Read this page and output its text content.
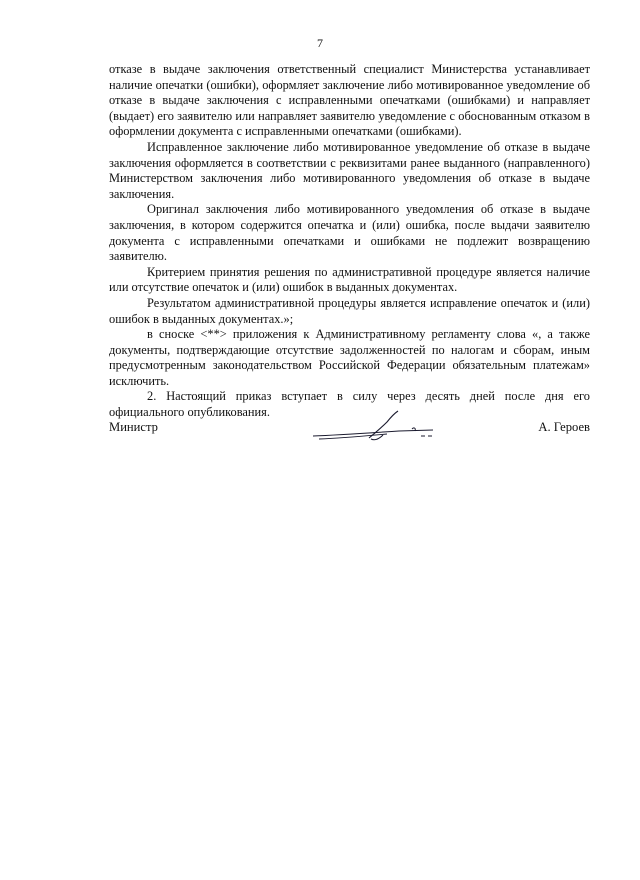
7

отказе в выдаче заключения ответственный специалист Министерства устанавливает наличие опечатки (ошибки), оформляет заключение либо мотивированное уведомление об отказе в выдаче заключения с исправленными опечатками (ошибками) и направляет (выдает) его заявителю или направляет заявителю уведомление с обоснованным отказом в оформлении документа с исправленными опечатками (ошибками).

Исправленное заключение либо мотивированное уведомление об отказе в выдаче заключения оформляется в соответствии с реквизитами ранее выданного (направленного) Министерством заключения либо мотивированного уведомления об отказе в выдаче заключения.

Оригинал заключения либо мотивированного уведомления об отказе в выдаче заключения, в котором содержится опечатка и (или) ошибка, после выдачи заявителю документа с исправленными опечатками и ошибками не подлежит возвращению заявителю.

Критерием принятия решения по административной процедуре является наличие или отсутствие опечаток и (или) ошибок в выданных документах.

Результатом административной процедуры является исправление опечаток и (или) ошибок в выданных документах.»;

в сноске <**> приложения к Административному регламенту слова «, а также документы, подтверждающие отсутствие задолженностей по налогам и сборам, иным предусмотренным законодательством Российской Федерации обязательным платежам» исключить.

2. Настоящий приказ вступает в силу через десять дней после дня его официального опубликования.

Министр	А. Героев
